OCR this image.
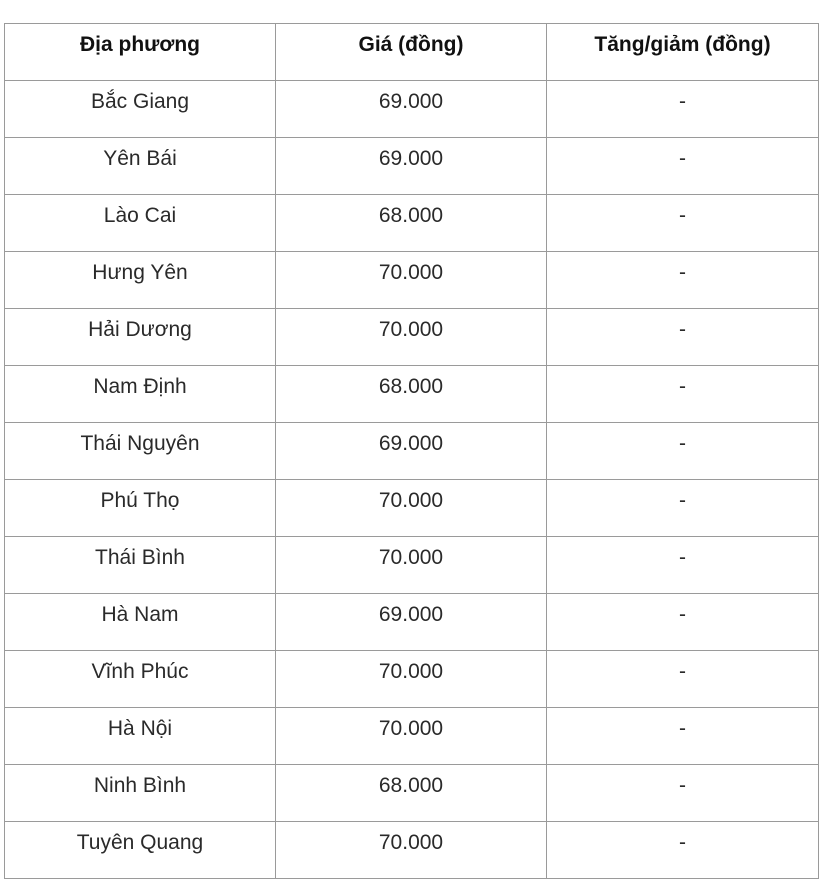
Địa phương	Giá (đồng)	Tăng/giảm (đồng)
Bắc Giang	69.000	-
Yên Bái	69.000	-
Lào Cai	68.000	-
Hưng Yên	70.000	-
Hải Dương	70.000	-
Nam Định	68.000	-
Thái Nguyên	69.000	-
Phú Thọ	70.000	-
Thái Bình	70.000	-
Hà Nam	69.000	-
Vĩnh Phúc	70.000	-
Hà Nội	70.000	-
Ninh Bình	68.000	-
Tuyên Quang	70.000	-
